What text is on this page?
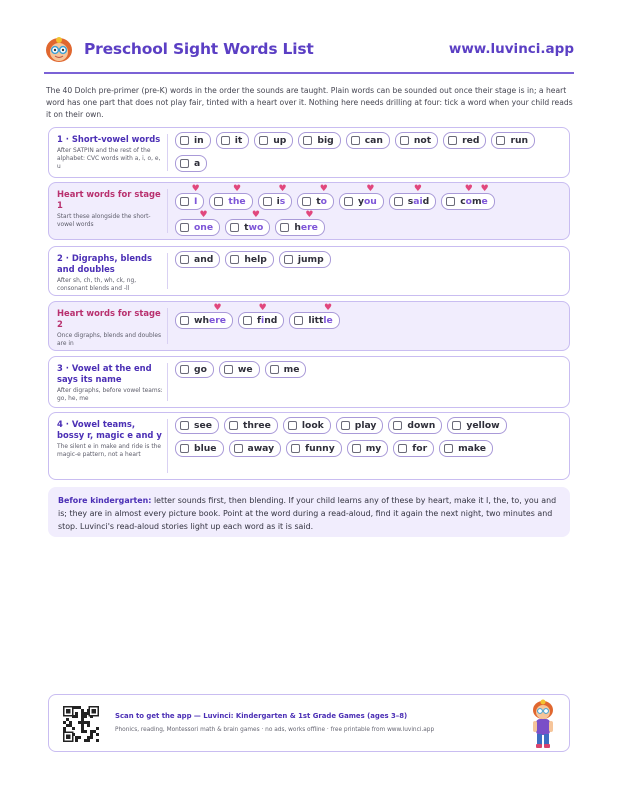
Preschool Sight Words List	www.luvinci.app
The 40 Dolch pre-primer (pre-K) words in the order the sounds are taught. Plain words can be sounded out once their stage is in; a heart word has one part that does not play fair, tinted with a heart over it. Nothing here needs drilling at four: tick a word when your child reads it on their own.
1 · Short-vowel words
After SATPIN and the rest of the alphabet: CVC words with a, i, o, e, u
in	it	up	big	can	not	red	run
a
Heart words for stage 1
Start these alongside the short-vowel words
♥ I	♥ the	i ♥ s	t ♥ o	y ♥ ou	s ♥ ai d	c ♥ o m ♥ e
♥ one	t ♥ wo	h ♥ ere
2 · Digraphs, blends and doubles
After sh, ch, th, wh, ck, ng, consonant blends and -ll
and	help	jump
Heart words for stage 2
Once digraphs, blends and doubles are in
wh ♥ ere	f ♥ i nd	litt ♥ le
3 · Vowel at the end says its name
After digraphs, before vowel teams: go, he, me
go	we	me
4 · Vowel teams, bossy r, magic e and y
The silent e in make and ride is the magic-e pattern, not a heart
see	three	look	play	down	yellow
blue	away	funny	my	for	make
Before kindergarten: letter sounds first, then blending. If your child learns any of these by heart, make it I, the, to, you and is; they are in almost every picture book. Point at the word during a read-aloud, find it again the next night, two minutes and stop. Luvinci's read-aloud stories light up each word as it is said.
Scan to get the app — Luvinci: Kindergarten & 1st Grade Games (ages 3–8)
Phonics, reading, Montessori math & brain games · no ads, works offline · free printable from www.luvinci.app
